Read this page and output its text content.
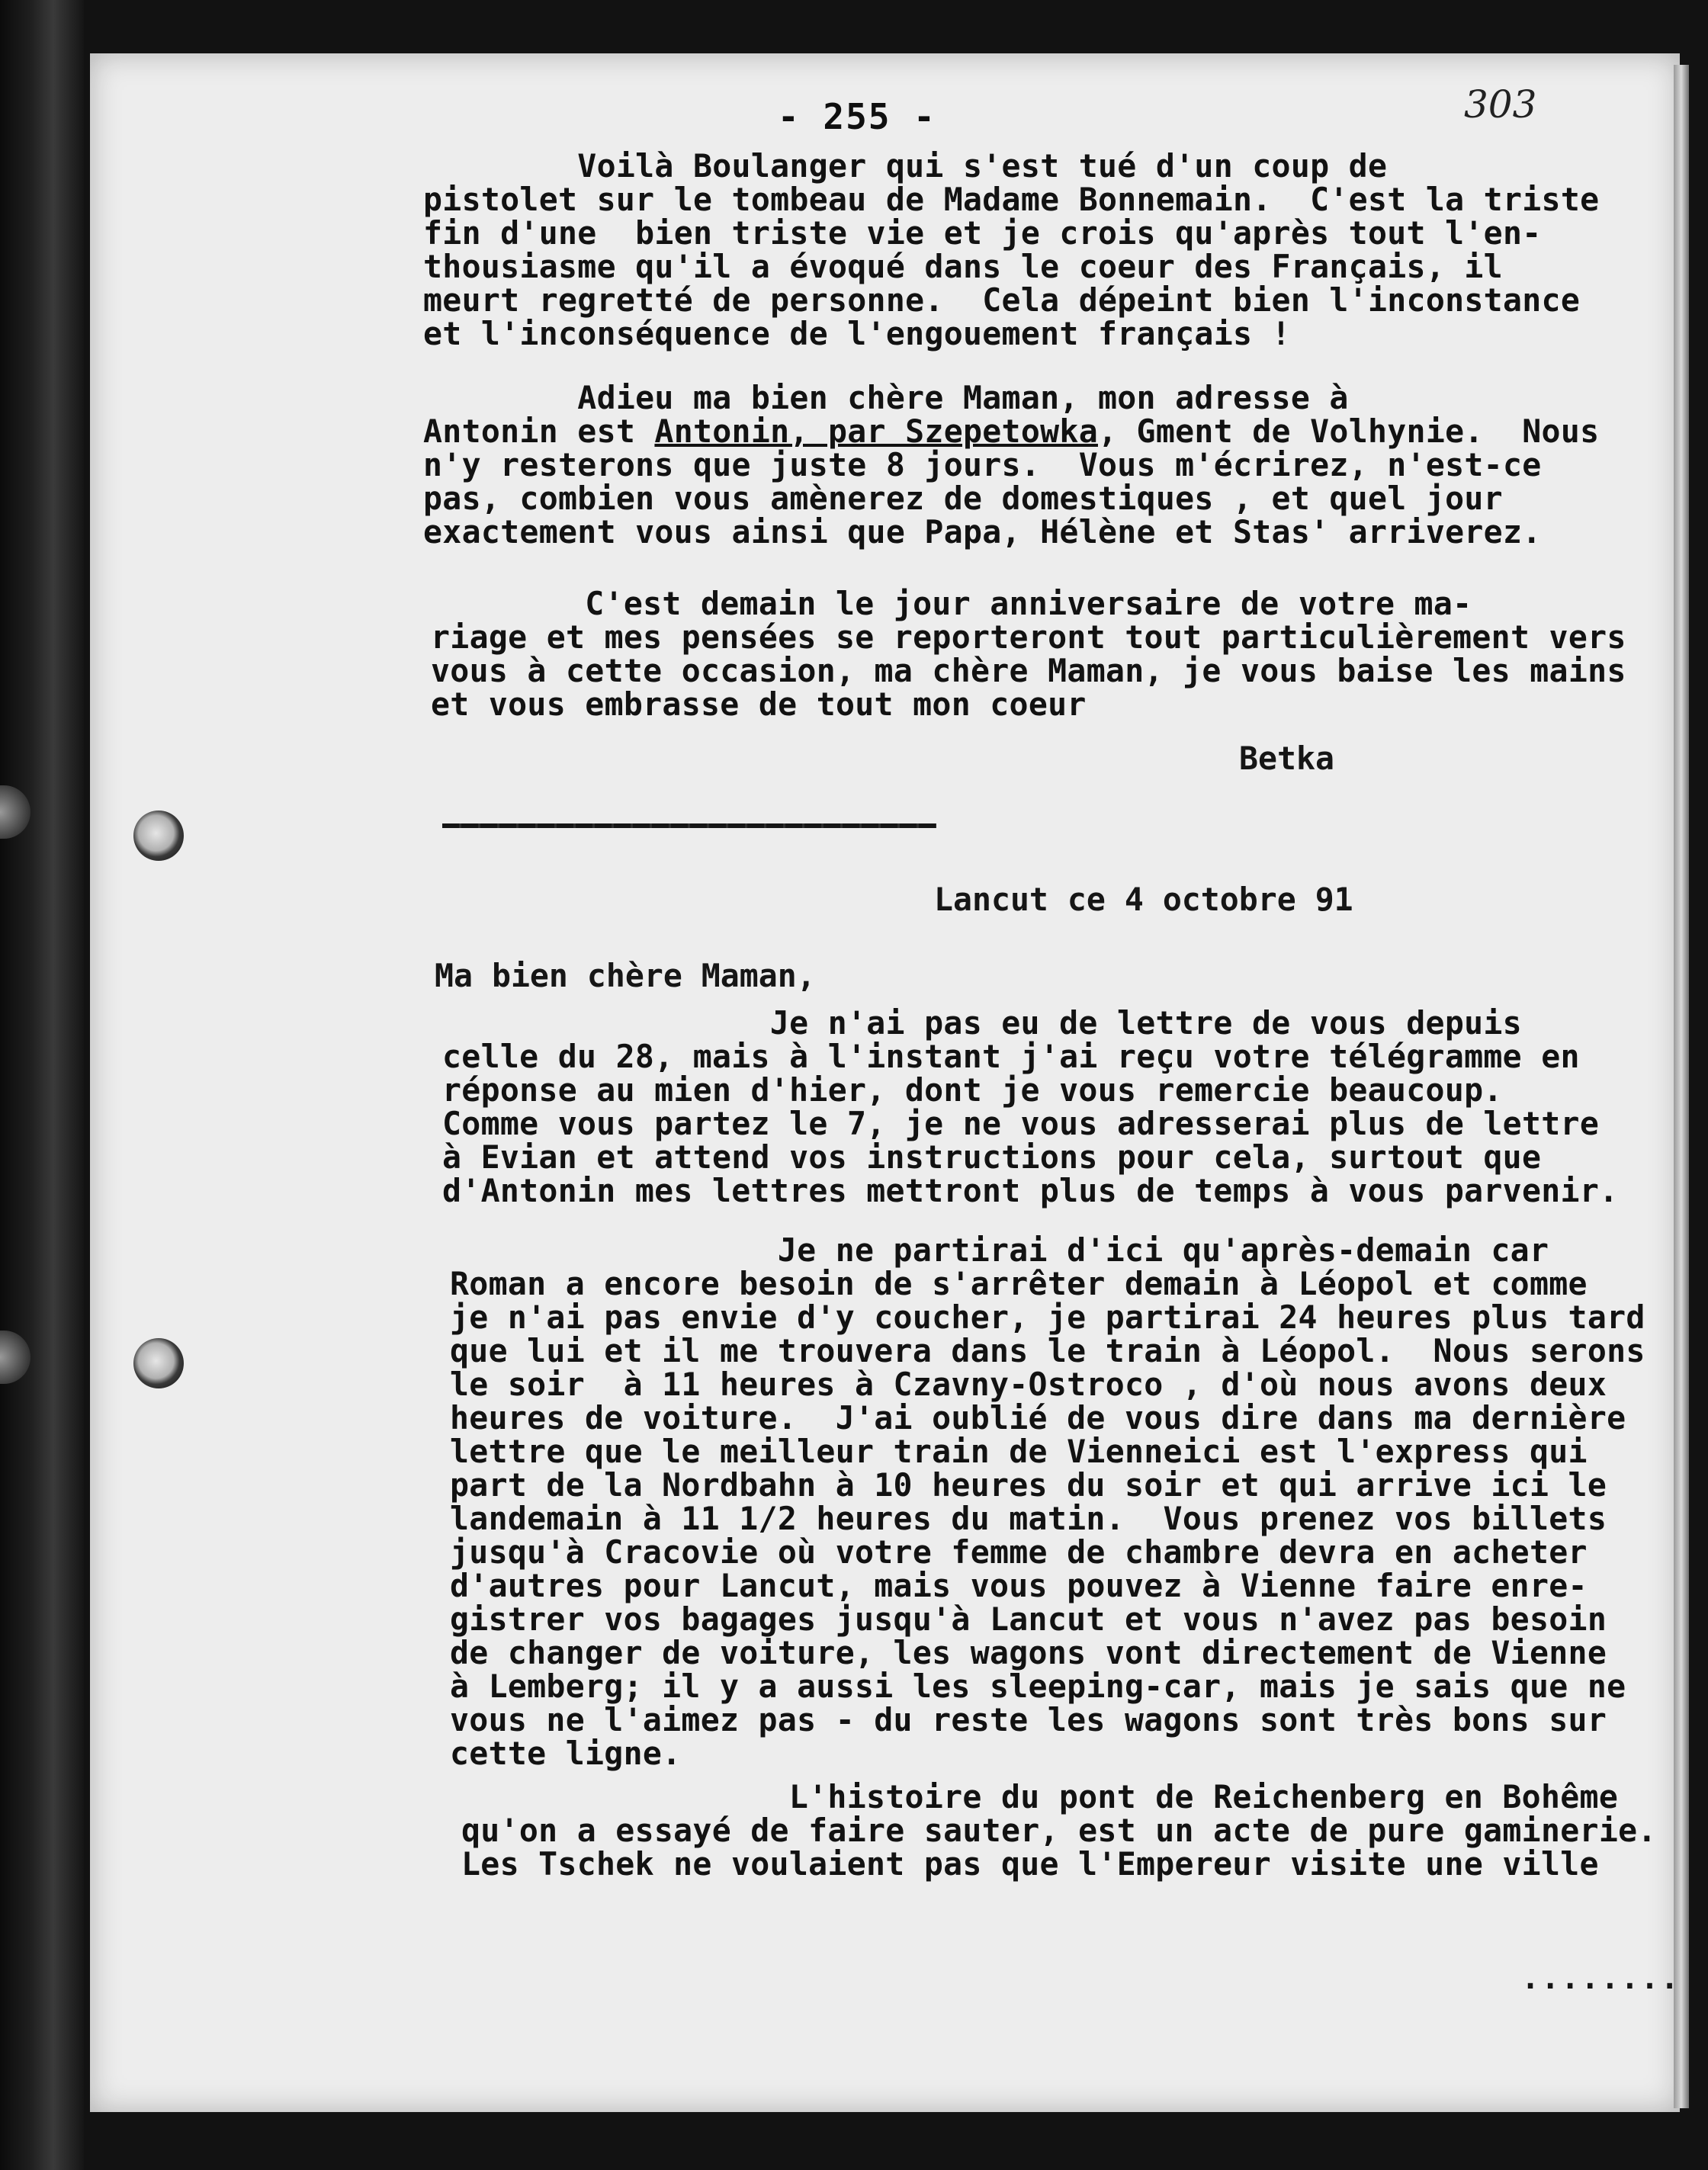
- 255 -	303
Voilà Boulanger qui s'est tué d'un coup de
pistolet sur le tombeau de Madame Bonnemain.  C'est la triste
fin d'une  bien triste vie et je crois qu'après tout l'en-
thousiasme qu'il a évoqué dans le coeur des Français, il
meurt regretté de personne.  Cela dépeint bien l'inconstance
et l'inconséquence de l'engouement français !
Adieu ma bien chère Maman, mon adresse à
Antonin est Antonin, par Szepetowka, Gment de Volhynie.  Nous
n'y resterons que juste 8 jours.  Vous m'écrirez, n'est-ce
pas, combien vous amènerez de domestiques , et quel jour
exactement vous ainsi que Papa, Hélène et Stas' arriverez.
C'est demain le jour anniversaire de votre ma-
riage et mes pensées se reporteront tout particulièrement vers
vous à cette occasion, ma chère Maman, je vous baise les mains
et vous embrasse de tout mon coeur
Betka
Lancut ce 4 octobre 91
Ma bien chère Maman,
Je n'ai pas eu de lettre de vous depuis
celle du 28, mais à l'instant j'ai reçu votre télégramme en
réponse au mien d'hier, dont je vous remercie beaucoup.
Comme vous partez le 7, je ne vous adresserai plus de lettre
à Evian et attend vos instructions pour cela, surtout que
d'Antonin mes lettres mettront plus de temps à vous parvenir.
Je ne partirai d'ici qu'après-demain car
Roman a encore besoin de s'arrêter demain à Léopol et comme
je n'ai pas envie d'y coucher, je partirai 24 heures plus tard
que lui et il me trouvera dans le train à Léopol.  Nous serons
le soir  à 11 heures à Czavny-Ostroco , d'où nous avons deux
heures de voiture.  J'ai oublié de vous dire dans ma dernière
lettre que le meilleur train de Vienneici est l'express qui
part de la Nordbahn à 10 heures du soir et qui arrive ici le
landemain à 11 1/2 heures du matin.  Vous prenez vos billets
jusqu'à Cracovie où votre femme de chambre devra en acheter
d'autres pour Lancut, mais vous pouvez à Vienne faire enre-
gistrer vos bagages jusqu'à Lancut et vous n'avez pas besoin
de changer de voiture, les wagons vont directement de Vienne
à Lemberg; il y a aussi les sleeping-car, mais je sais que ne
vous ne l'aimez pas - du reste les wagons sont très bons sur
cette ligne.
L'histoire du pont de Reichenberg en Bohême
qu'on a essayé de faire sauter, est un acte de pure gaminerie.
Les Tschek ne voulaient pas que l'Empereur visite une ville
........
